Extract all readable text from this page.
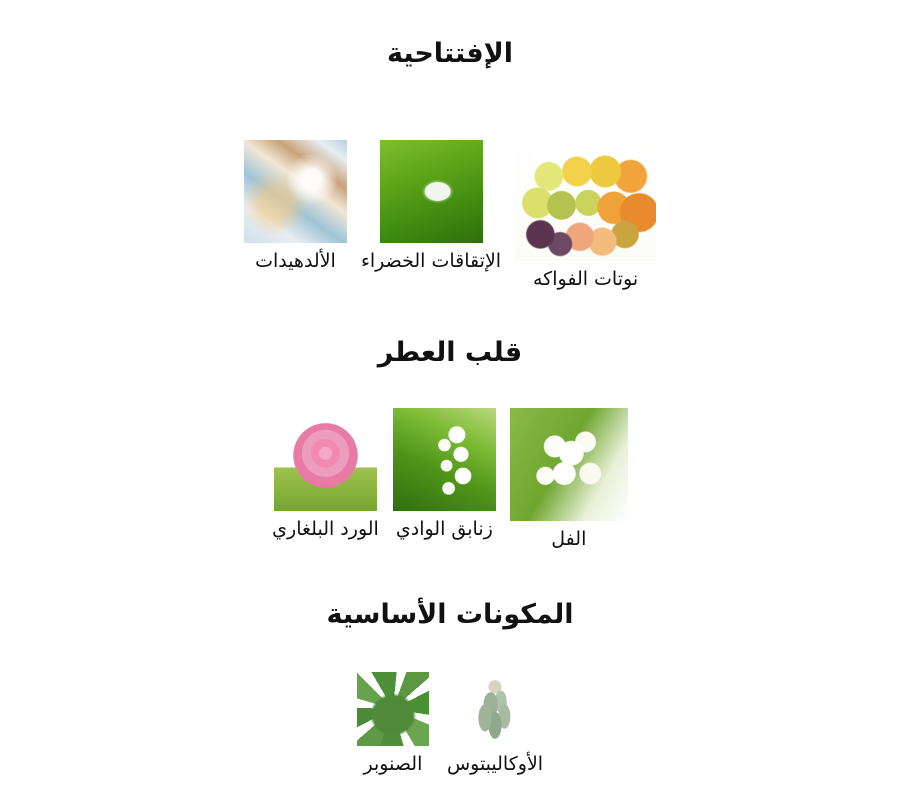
الإفتتاحية
نوتات الفواكه
الإتقاقات الخضراء
الألدهيدات
قلب العطر
الفل
زنابق الوادي
الورد البلغاري
المكونات الأساسية
الأوكاليبتوس
الصنوبر
